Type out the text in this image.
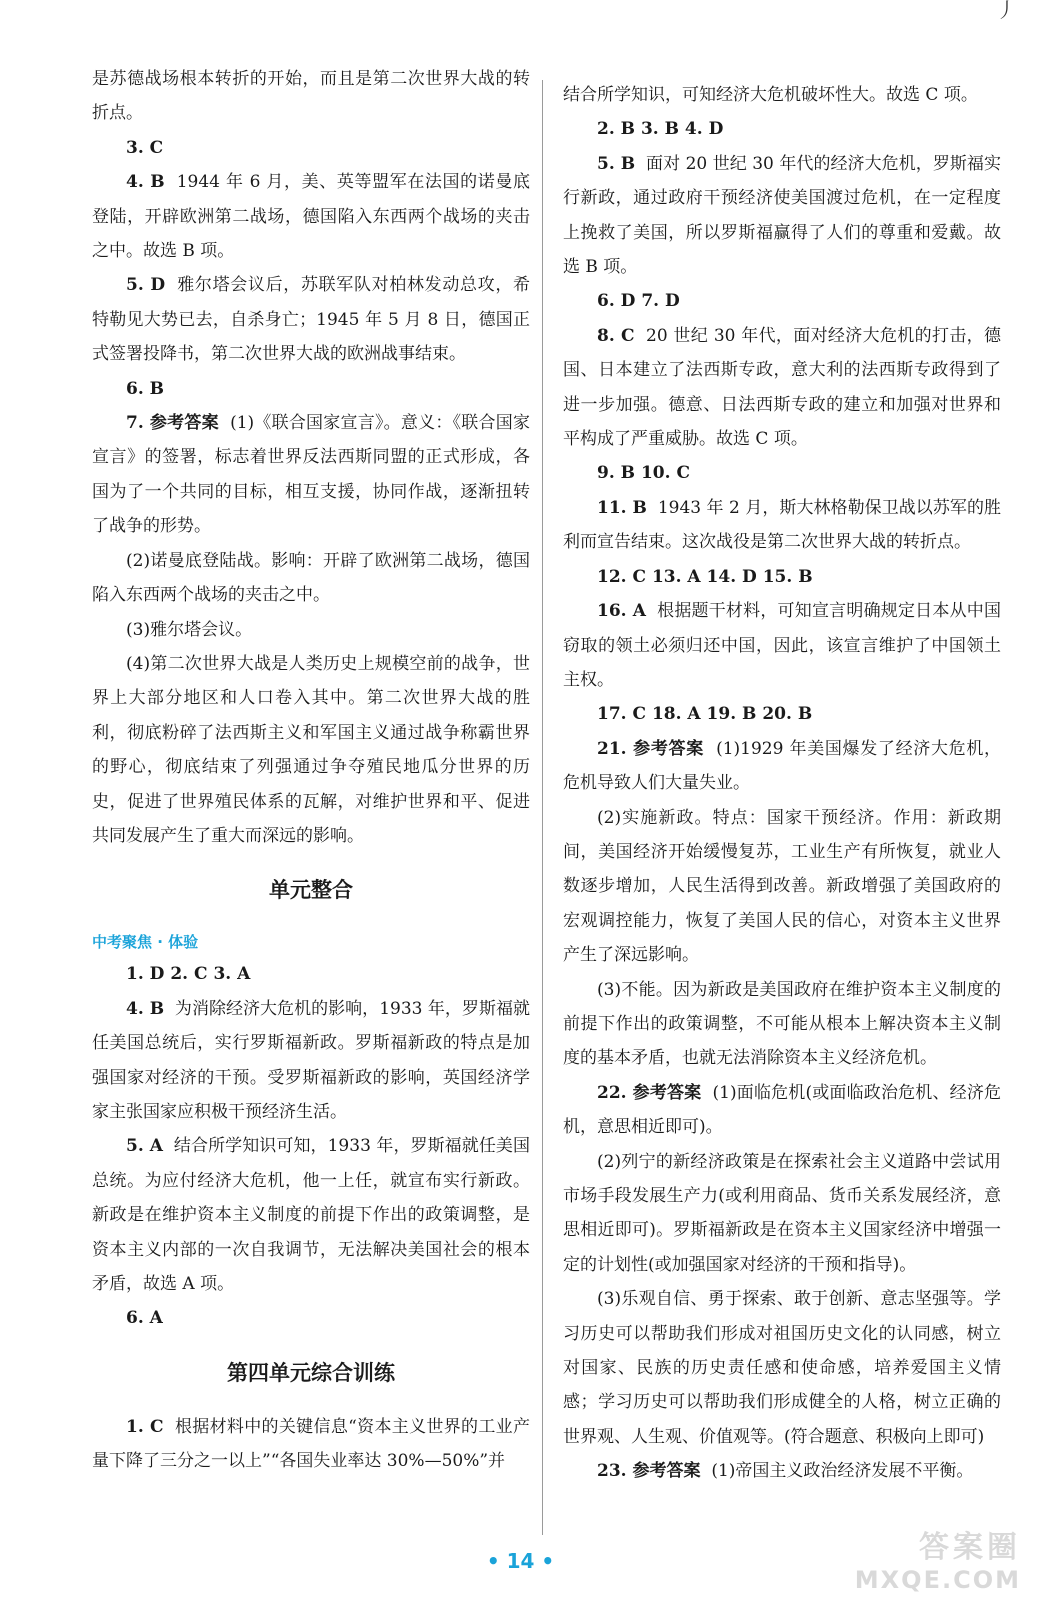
丿

是苏德战场根本转折的开始，而且是第二次世界大战的转折点。

3. C

4. B 1944 年 6 月，美、英等盟军在法国的诺曼底登陆，开辟欧洲第二战场，德国陷入东西两个战场的夹击之中。故选 B 项。

5. D 雅尔塔会议后，苏联军队对柏林发动总攻，希特勒见大势已去，自杀身亡；1945 年 5 月 8 日，德国正式签署投降书，第二次世界大战的欧洲战事结束。

6. B

7. 参考答案 (1)《联合国家宣言》。意义：《联合国家宣言》的签署，标志着世界反法西斯同盟的正式形成，各国为了一个共同的目标，相互支援，协同作战，逐渐扭转了战争的形势。

(2)诺曼底登陆战。影响：开辟了欧洲第二战场，德国陷入东西两个战场的夹击之中。

(3)雅尔塔会议。

(4)第二次世界大战是人类历史上规模空前的战争，世界上大部分地区和人口卷入其中。第二次世界大战的胜利，彻底粉碎了法西斯主义和军国主义通过战争称霸世界的野心，彻底结束了列强通过争夺殖民地瓜分世界的历史，促进了世界殖民体系的瓦解，对维护世界和平、促进共同发展产生了重大而深远的影响。

单元整合

中考聚焦 · 体验

1. D 2. C 3. A

4. B 为消除经济大危机的影响，1933 年，罗斯福就任美国总统后，实行罗斯福新政。罗斯福新政的特点是加强国家对经济的干预。受罗斯福新政的影响，英国经济学家主张国家应积极干预经济生活。

5. A 结合所学知识可知，1933 年，罗斯福就任美国总统。为应付经济大危机，他一上任，就宣布实行新政。新政是在维护资本主义制度的前提下作出的政策调整，是资本主义内部的一次自我调节，无法解决美国社会的根本矛盾，故选 A 项。

6. A

第四单元综合训练

1. C 根据材料中的关键信息“资本主义世界的工业产量下降了三分之一以上”“各国失业率达 30%—50%”并

结合所学知识，可知经济大危机破坏性大。故选 C 项。

2. B 3. B 4. D

5. B 面对 20 世纪 30 年代的经济大危机，罗斯福实行新政，通过政府干预经济使美国渡过危机，在一定程度上挽救了美国，所以罗斯福赢得了人们的尊重和爱戴。故选 B 项。

6. D 7. D

8. C 20 世纪 30 年代，面对经济大危机的打击，德国、日本建立了法西斯专政，意大利的法西斯专政得到了进一步加强。德意、日法西斯专政的建立和加强对世界和平构成了严重威胁。故选 C 项。

9. B 10. C

11. B 1943 年 2 月，斯大林格勒保卫战以苏军的胜利而宣告结束。这次战役是第二次世界大战的转折点。

12. C 13. A 14. D 15. B

16. A 根据题干材料，可知宣言明确规定日本从中国窃取的领土必须归还中国，因此，该宣言维护了中国领土主权。

17. C 18. A 19. B 20. B

21. 参考答案 (1)1929 年美国爆发了经济大危机，危机导致人们大量失业。

(2)实施新政。特点：国家干预经济。作用：新政期间，美国经济开始缓慢复苏，工业生产有所恢复，就业人数逐步增加，人民生活得到改善。新政增强了美国政府的宏观调控能力，恢复了美国人民的信心，对资本主义世界产生了深远影响。

(3)不能。因为新政是美国政府在维护资本主义制度的前提下作出的政策调整，不可能从根本上解决资本主义制度的基本矛盾，也就无法消除资本主义经济危机。

22. 参考答案 (1)面临危机(或面临政治危机、经济危机，意思相近即可)。

(2)列宁的新经济政策是在探索社会主义道路中尝试用市场手段发展生产力(或利用商品、货币关系发展经济，意思相近即可)。罗斯福新政是在资本主义国家经济中增强一定的计划性(或加强国家对经济的干预和指导)。

(3)乐观自信、勇于探索、敢于创新、意志坚强等。学习历史可以帮助我们形成对祖国历史文化的认同感，树立对国家、民族的历史责任感和使命感，培养爱国主义情感；学习历史可以帮助我们形成健全的人格，树立正确的世界观、人生观、价值观等。(符合题意、积极向上即可)

23. 参考答案 (1)帝国主义政治经济发展不平衡。

• 14 •	答案圈
MXQE.COM
